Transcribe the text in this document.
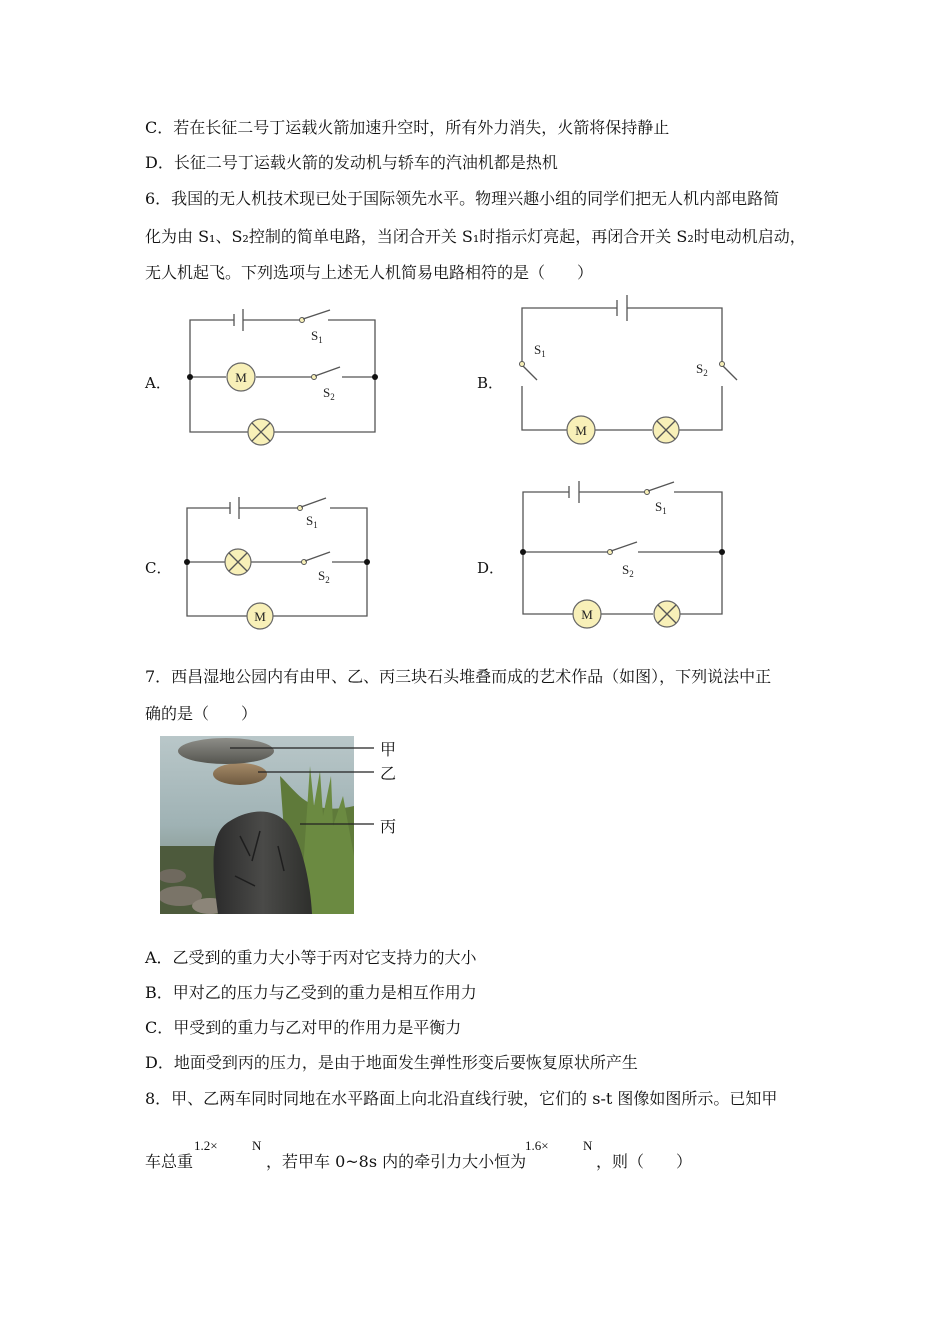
C．若在长征二号丁运载火箭加速升空时，所有外力消失，火箭将保持静止
D．长征二号丁运载火箭的发动机与轿车的汽油机都是热机
6．我国的无人机技术现已处于国际领先水平。物理兴趣小组的同学们把无人机内部电路简
化为由 S₁、S₂控制的简单电路，当闭合开关 S₁时指示灯亮起，再闭合开关 S₂时电动机启动，
无人机起飞。下列选项与上述无人机简易电路相符的是（　　）
A．	B．
C．	D．
$S_1$
$S_2$
M
$S_1$
$S_2$
M
$S_1$
$S_2$
M
$S_1$
$S_2$
M
7．西昌湿地公园内有由甲、乙、丙三块石头堆叠而成的艺术作品（如图），下列说法中正
确的是（　　）
甲
乙
丙
A．乙受到的重力大小等于丙对它支持力的大小
B．甲对乙的压力与乙受到的重力是相互作用力
C．甲受到的重力与乙对甲的作用力是平衡力
D．地面受到丙的压力，是由于地面发生弹性形变后要恢复原状所产生
8．甲、乙两车同时同地在水平路面上向北沿直线行驶，它们的 s-t 图像如图所示。已知甲
车总重
1.2×	N
，若甲车 0~8s 内的牵引力大小恒为
1.6×	N
，则（　　）
